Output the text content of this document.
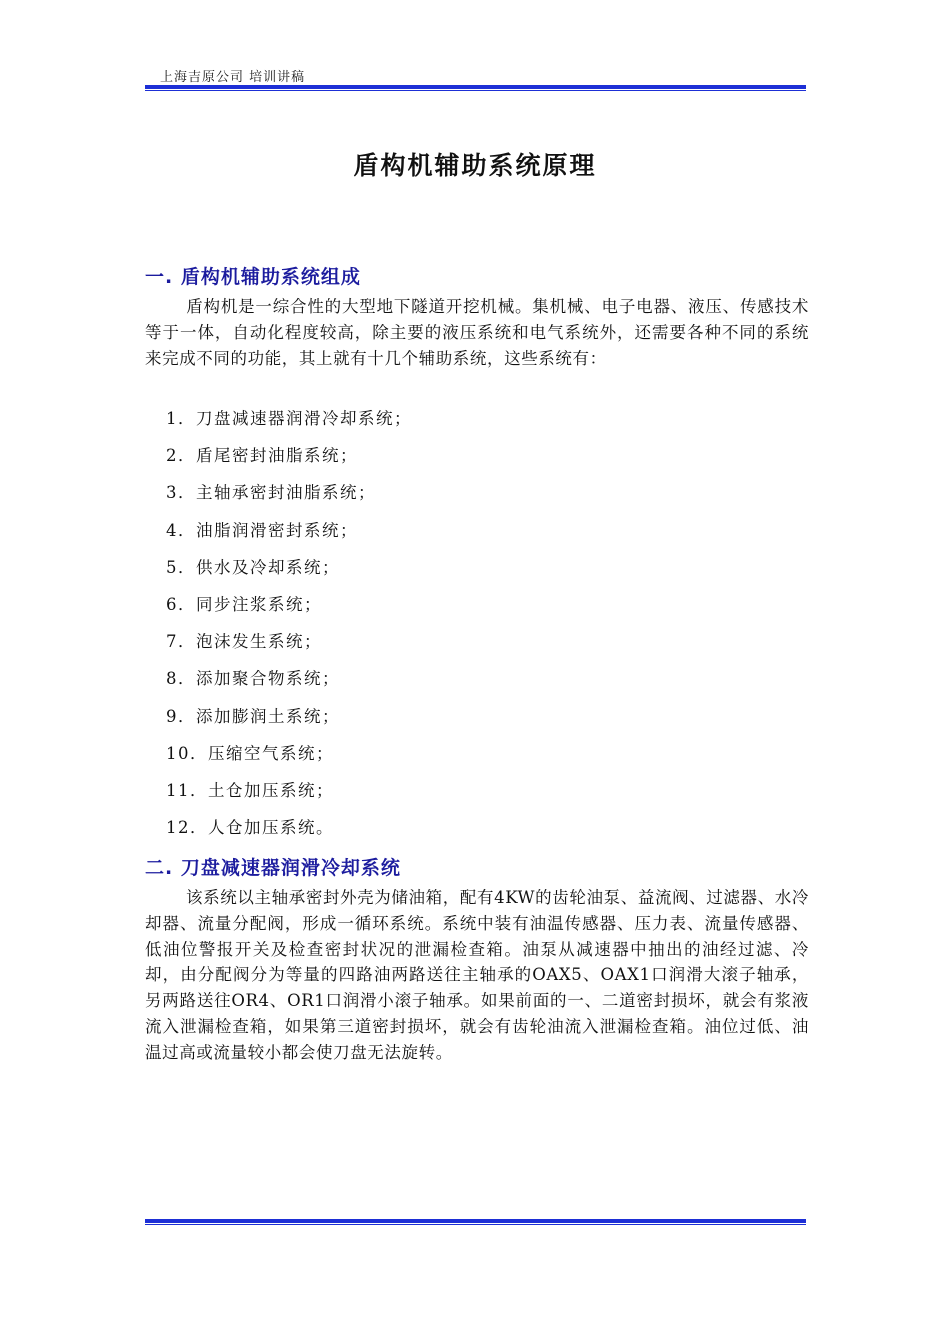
上海吉原公司 培训讲稿
盾构机辅助系统原理
一. 盾构机辅助系统组成
盾构机是一综合性的大型地下隧道开挖机械。集机械、电子电器、液压、传感技术等于一体，自动化程度较高，除主要的液压系统和电气系统外，还需要各种不同的系统来完成不同的功能，其上就有十几个辅助系统，这些系统有：
1．刀盘减速器润滑冷却系统；
2．盾尾密封油脂系统；
3．主轴承密封油脂系统；
4．油脂润滑密封系统；
5．供水及冷却系统；
6．同步注浆系统；
7．泡沫发生系统；
8．添加聚合物系统；
9．添加膨润土系统；
10．压缩空气系统；
11．土仓加压系统；
12．人仓加压系统。
二. 刀盘减速器润滑冷却系统
该系统以主轴承密封外壳为储油箱，配有4KW的齿轮油泵、益流阀、过滤器、水冷却器、流量分配阀，形成一循环系统。系统中装有油温传感器、压力表、流量传感器、低油位警报开关及检查密封状况的泄漏检查箱。油泵从减速器中抽出的油经过滤、冷却，由分配阀分为等量的四路油两路送往主轴承的OAX5、OAX1口润滑大滚子轴承，另两路送往OR4、OR1口润滑小滚子轴承。如果前面的一、二道密封损坏，就会有浆液流入泄漏检查箱，如果第三道密封损坏，就会有齿轮油流入泄漏检查箱。油位过低、油温过高或流量较小都会使刀盘无法旋转。
